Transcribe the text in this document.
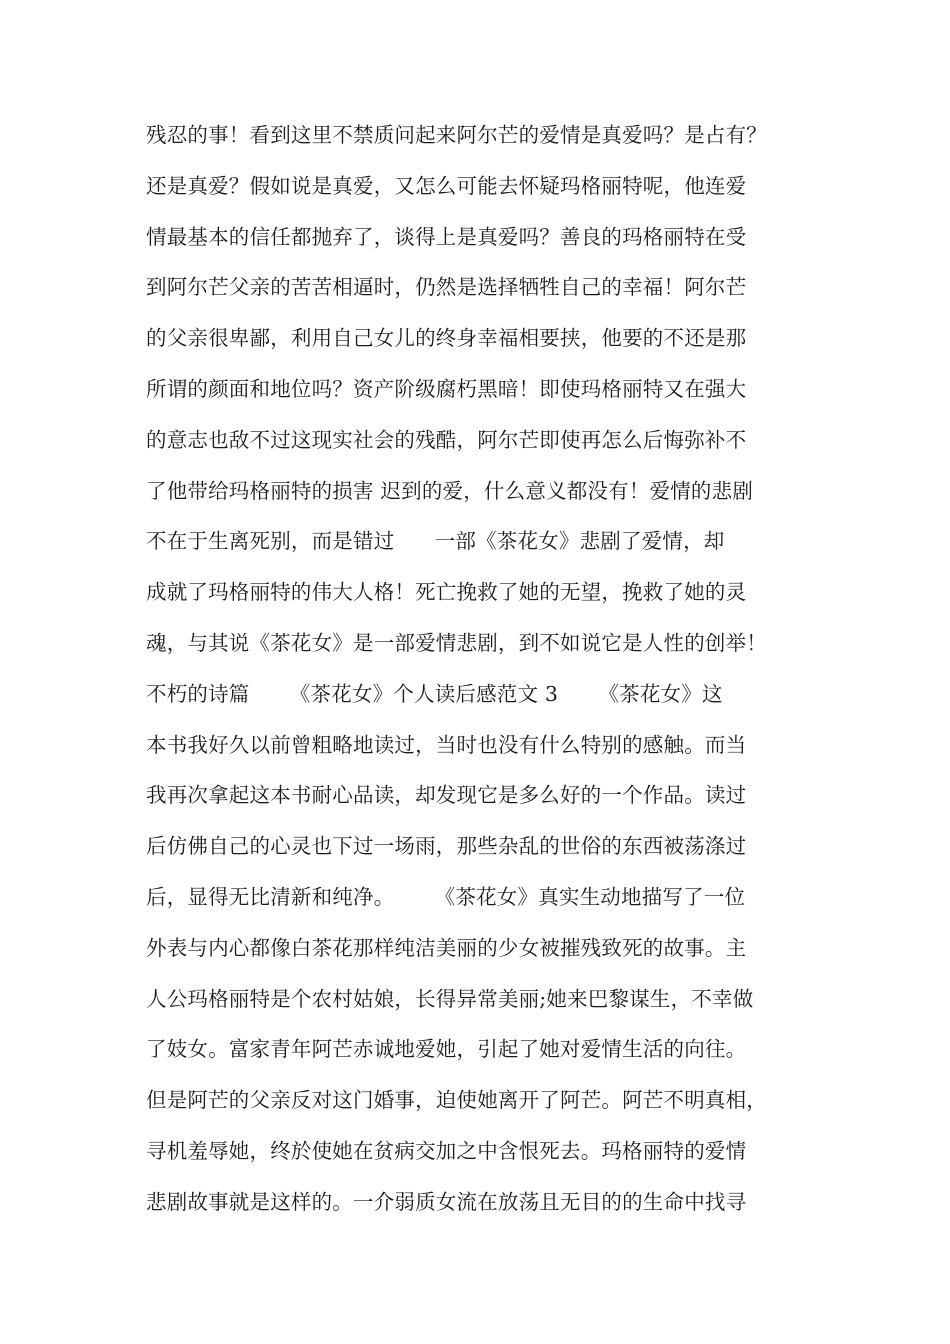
残忍的事！看到这里不禁质问起来阿尔芒的爱情是真爱吗？是占有？
还是真爱？假如说是真爱，又怎么可能去怀疑玛格丽特呢，他连爱
情最基本的信任都抛弃了，谈得上是真爱吗？善良的玛格丽特在受
到阿尔芒父亲的苦苦相逼时，仍然是选择牺牲自己的幸福！阿尔芒
的父亲很卑鄙，利用自己女儿的终身幸福相要挟，他要的不还是那
所谓的颜面和地位吗？资产阶级腐朽黑暗！即使玛格丽特又在强大
的意志也敌不过这现实社会的残酷，阿尔芒即使再怎么后悔弥补不
了他带给玛格丽特的损害 迟到的爱，什么意义都没有！爱情的悲剧
不在于生离死别，而是错过      一部《茶花女》悲剧了爱情，却
成就了玛格丽特的伟大人格！死亡挽救了她的无望，挽救了她的灵
魂，与其说《茶花女》是一部爱情悲剧，到不如说它是人性的创举！
不朽的诗篇      《茶花女》个人读后感范文 3      《茶花女》这
本书我好久以前曾粗略地读过，当时也没有什么特别的感触。而当
我再次拿起这本书耐心品读，却发现它是多么好的一个作品。读过
后仿佛自己的心灵也下过一场雨，那些杂乱的世俗的东西被荡涤过
后，显得无比清新和纯净。      《茶花女》真实生动地描写了一位
外表与内心都像白茶花那样纯洁美丽的少女被摧残致死的故事。主
人公玛格丽特是个农村姑娘，长得异常美丽;她来巴黎谋生，不幸做
了妓女。富家青年阿芒赤诚地爱她，引起了她对爱情生活的向往。
但是阿芒的父亲反对这门婚事，迫使她离开了阿芒。阿芒不明真相，
寻机羞辱她，终於使她在贫病交加之中含恨死去。玛格丽特的爱情
悲剧故事就是这样的。一介弱质女流在放荡且无目的的生命中找寻
